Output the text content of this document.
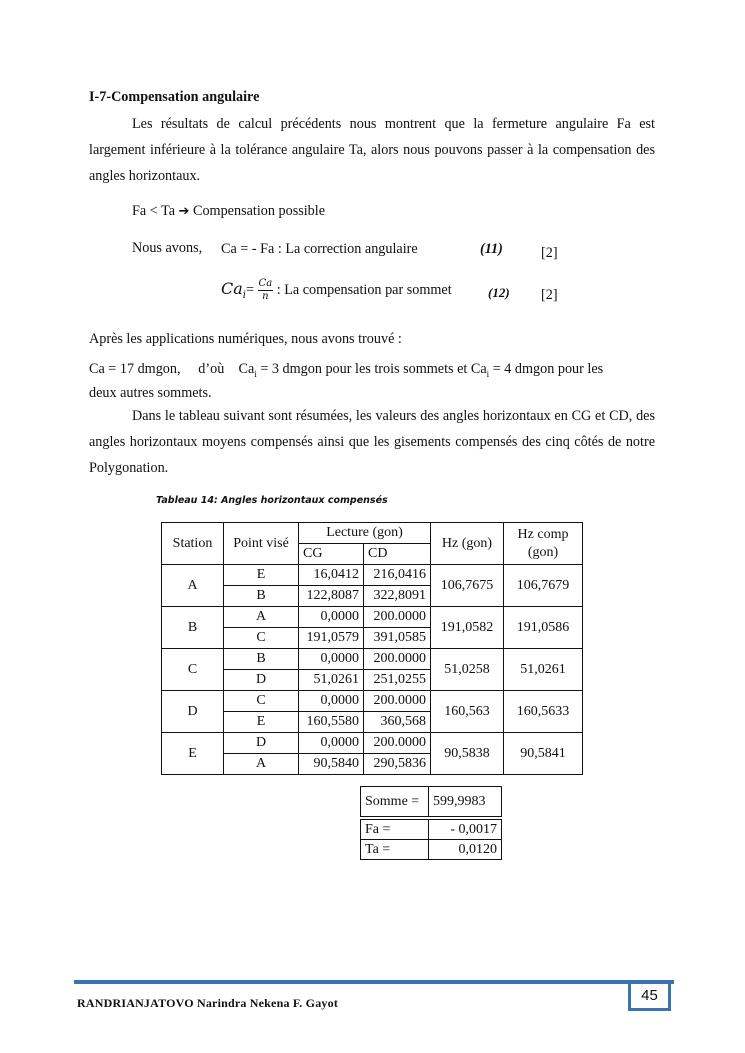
I-7-Compensation angulaire
Les résultats de calcul précédents nous montrent que la fermeture angulaire Fa est largement inférieure à la tolérance angulaire Ta, alors nous pouvons passer à la compensation des angles horizontaux.
Fa < Ta ➔ Compensation possible
Nous avons, Ca = - Fa : La correction angulaire	(11)	[2]
$Ca_i= \frac{Ca}{n}$ : La compensation par sommet	(12) [2]
Après les applications numériques, nous avons trouvé :
Ca = 17 dmgon, d’où $Ca_i = 3$ dmgon pour les trois sommets et $Ca_i = 4$ dmgon pour les
deux autres sommets.
Dans le tableau suivant sont résumées, les valeurs des angles horizontaux en CG et CD, des angles horizontaux moyens compensés ainsi que les gisements compensés des cinq côtés de notre Polygonation.
Tableau 14: Angles horizontaux compensés
Station	Point visé	Lecture (gon)		Hz (gon)	Hz comp
(gon)
		CG	CD		
A	E	16,0412	216,0416	106,7675	106,7679
	B	122,8087	322,8091		
B	A	0,0000	200.0000	191,0582	191,0586
	C	191,0579	391,0585		
C	B	0,0000	200.0000	51,0258	51,0261
	D	51,0261	251,0255		
D	C	0,0000	200.0000	160,563	160,5633
	E	160,5580	360,568		
E	D	0,0000	200.0000	90,5838	90,5841
	A	90,5840	290,5836		
Somme =	599,9983

Fa =	- 0,0017
Ta =	0,0120
RANDRIANJATOVO Narindra Nekena F. Gayot	45
